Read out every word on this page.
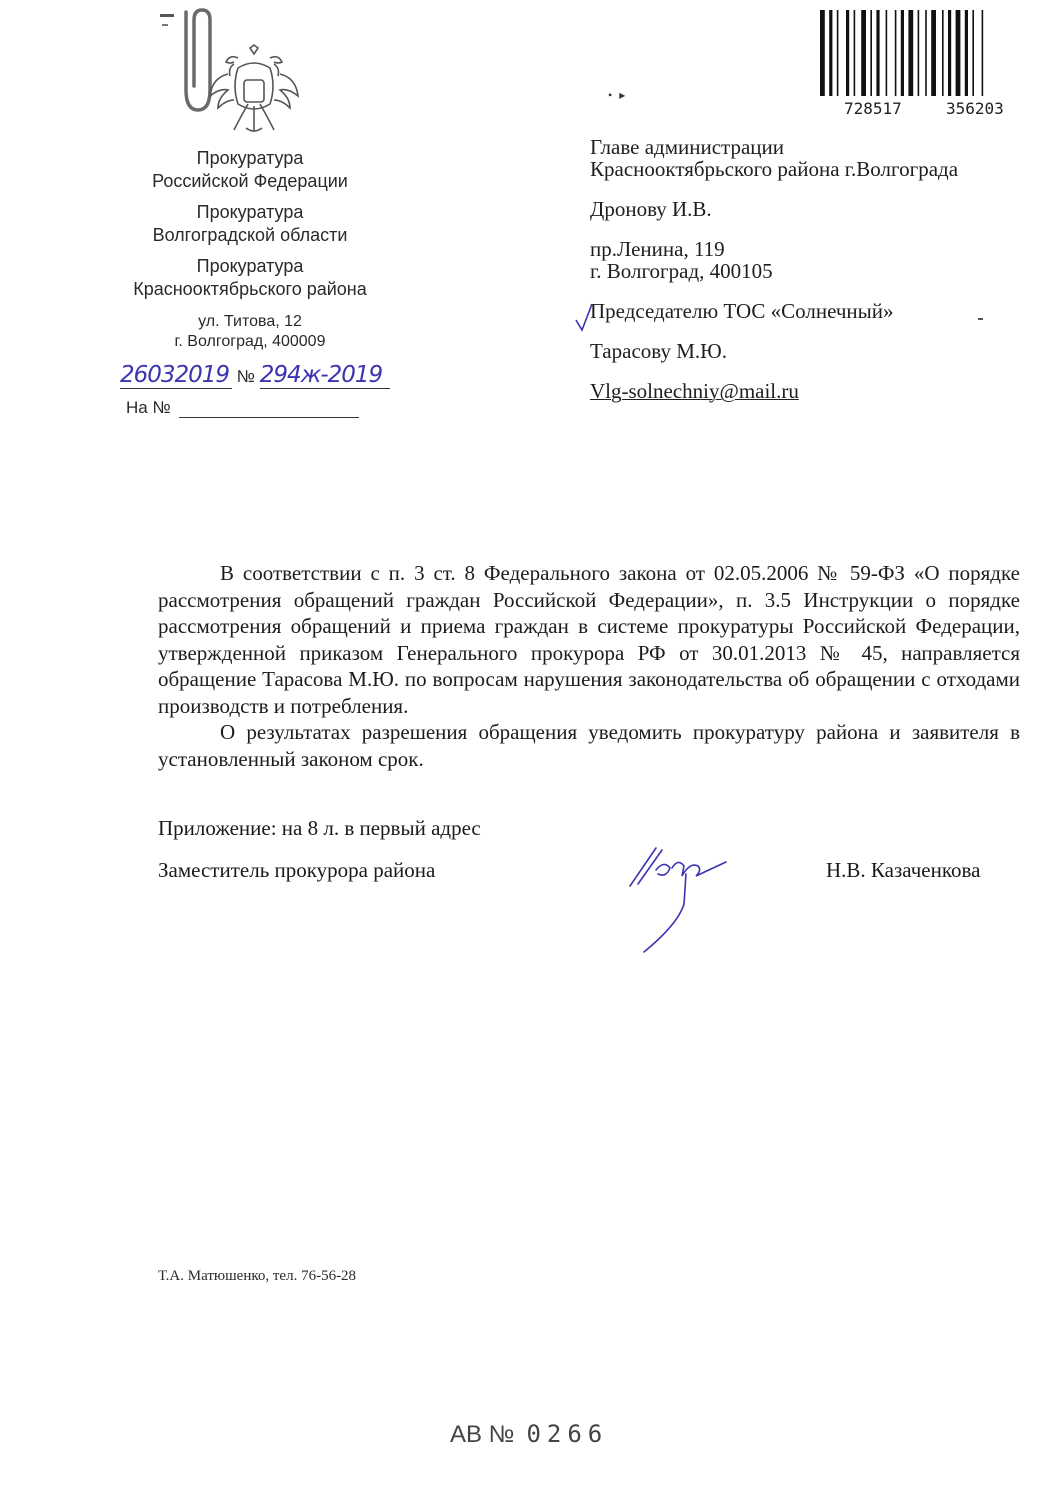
Прокуратура
Российской Федерации
Прокуратура
Волгоградской области
Прокуратура
Краснооктябрьского района
ул. Титова, 12
г. Волгоград, 400009
26032019 № 294ж-2019
На №
728517	356203
• ▸
Главе администрации
Краснооктябрьского района г.Волгограда
Дронову И.В.
пр.Ленина, 119
г. Волгоград, 400105
Председателю ТОС «Солнечный»
Тарасову М.Ю.
Vlg-solnechniy@mail.ru

В соответствии с п. 3 ст. 8 Федерального закона от 02.05.2006 № 59-ФЗ «О порядке рассмотрения обращений граждан Российской Федерации», п. 3.5 Инструкции о порядке рассмотрения обращений и приема граждан в системе прокуратуры Российской Федерации, утвержденной приказом Генерального прокурора РФ от 30.01.2013 № 45, направляется обращение Тарасова М.Ю. по вопросам нарушения законодательства об обращении с отходами производств и потребления.

О результатах разрешения обращения уведомить прокуратуру района и заявителя в установленный законом срок.

Приложение: на 8 л. в первый адрес
Заместитель прокурора района	Н.В. Казаченкова
Т.А. Матюшенко, тел. 76-56-28
АВ № 0266
